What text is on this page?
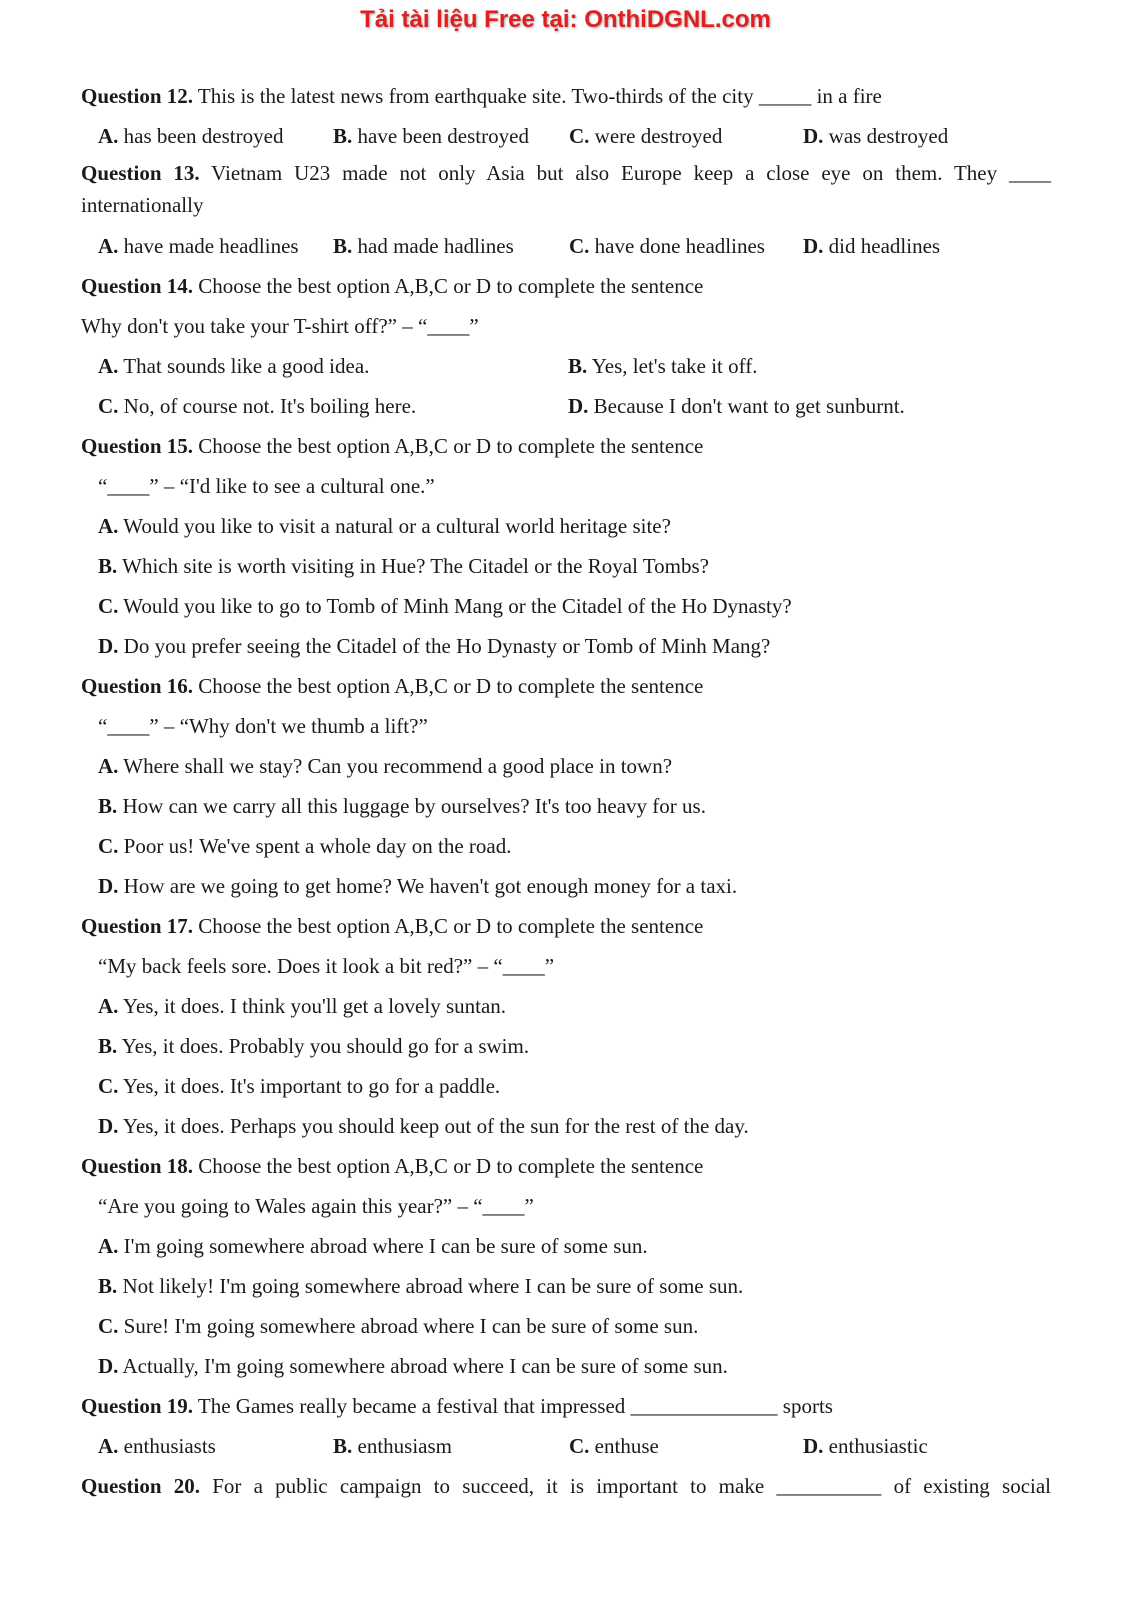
Tải tài liệu Free tại: OnthiDGNL.com
Question 12. This is the latest news from earthquake site. Two-thirds of the city _____ in a fire
A. has been destroyed	B. have been destroyed	C. were destroyed	D. was destroyed
Question 13. Vietnam U23 made not only Asia but also Europe keep a close eye on them. They ____
internationally
A. have made headlines	B. had made hadlines	C. have done headlines	D. did headlines
Question 14. Choose the best option A,B,C or D to complete the sentence
Why don't you take your T-shirt off?” – “____”
A. That sounds like a good idea.	B. Yes, let's take it off.
C. No, of course not. It's boiling here.	D. Because I don't want to get sunburnt.
Question 15. Choose the best option A,B,C or D to complete the sentence
“____” – “I'd like to see a cultural one.”
A. Would you like to visit a natural or a cultural world heritage site?
B. Which site is worth visiting in Hue? The Citadel or the Royal Tombs?
C. Would you like to go to Tomb of Minh Mang or the Citadel of the Ho Dynasty?
D. Do you prefer seeing the Citadel of the Ho Dynasty or Tomb of Minh Mang?
Question 16. Choose the best option A,B,C or D to complete the sentence
“____” – “Why don't we thumb a lift?”
A. Where shall we stay? Can you recommend a good place in town?
B. How can we carry all this luggage by ourselves? It's too heavy for us.
C. Poor us! We've spent a whole day on the road.
D. How are we going to get home? We haven't got enough money for a taxi.
Question 17. Choose the best option A,B,C or D to complete the sentence
“My back feels sore. Does it look a bit red?” – “____”
A. Yes, it does. I think you'll get a lovely suntan.
B. Yes, it does. Probably you should go for a swim.
C. Yes, it does. It's important to go for a paddle.
D. Yes, it does. Perhaps you should keep out of the sun for the rest of the day.
Question 18. Choose the best option A,B,C or D to complete the sentence
“Are you going to Wales again this year?” – “____”
A. I'm going somewhere abroad where I can be sure of some sun.
B. Not likely! I'm going somewhere abroad where I can be sure of some sun.
C. Sure! I'm going somewhere abroad where I can be sure of some sun.
D. Actually, I'm going somewhere abroad where I can be sure of some sun.
Question 19. The Games really became a festival that impressed ______________ sports
A. enthusiasts	B. enthusiasm	C. enthuse	D. enthusiastic
Question 20. For a public campaign to succeed, it is important to make __________ of existing social
